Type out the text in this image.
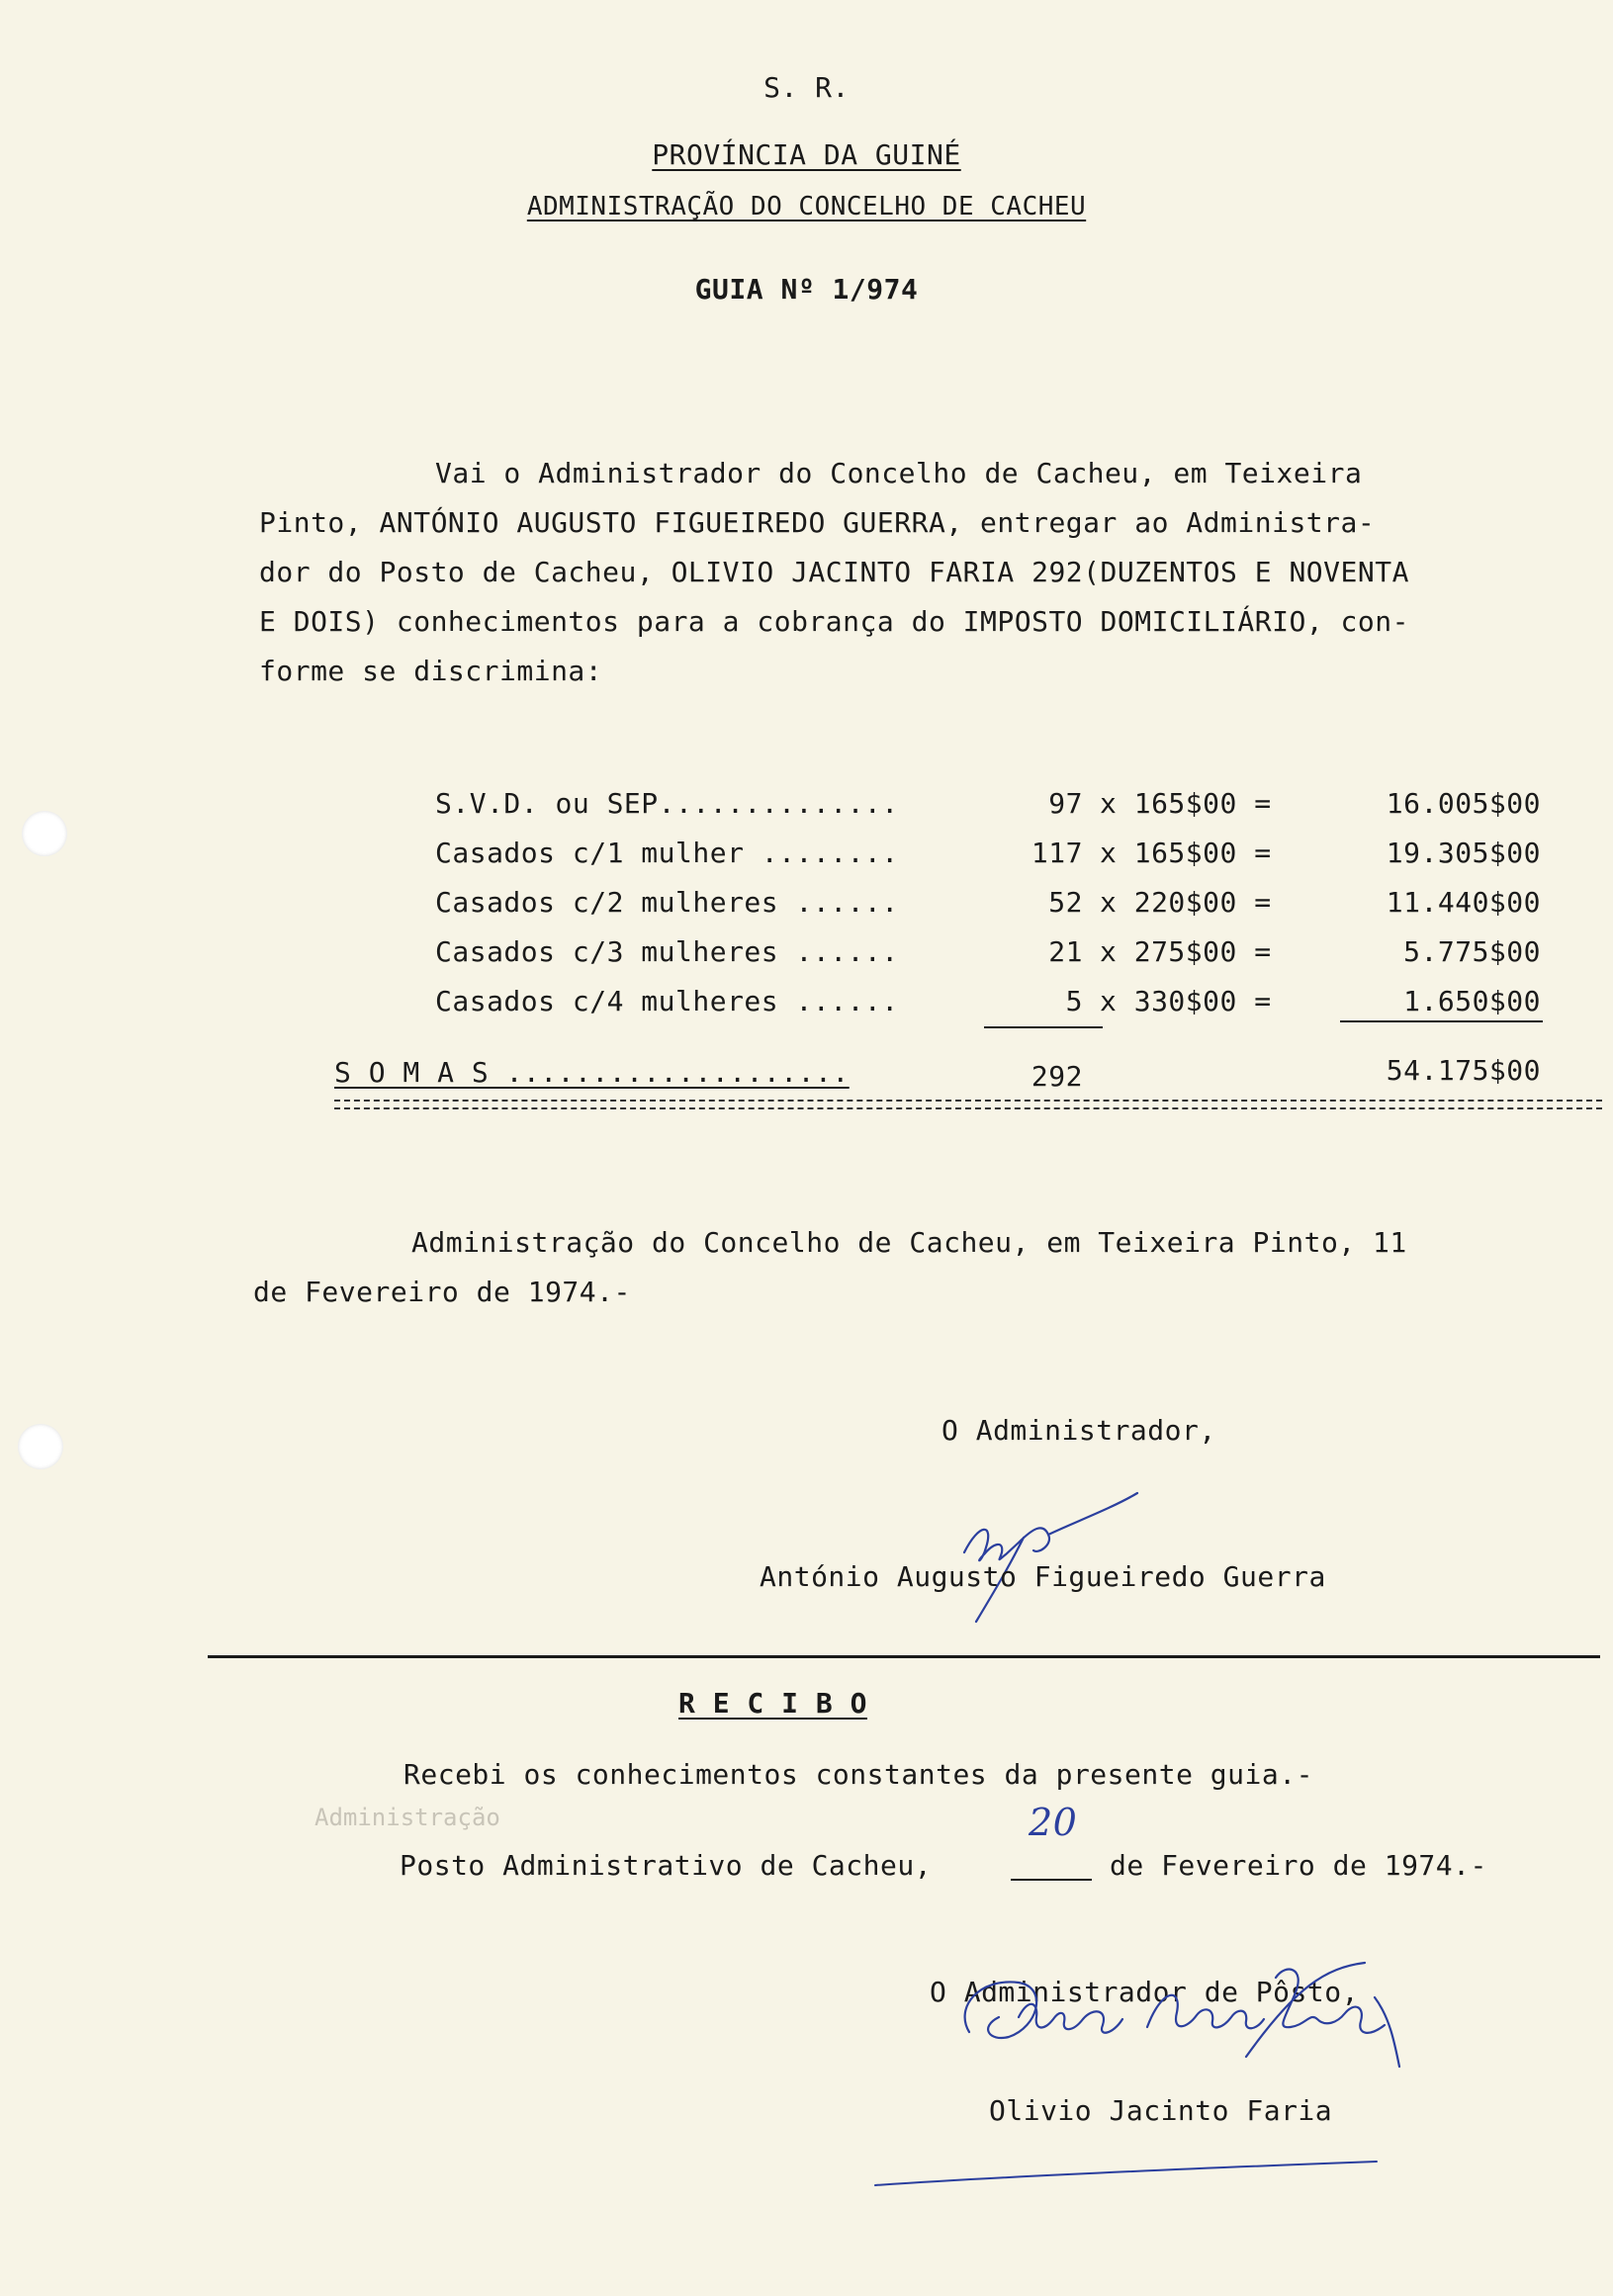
S. R.
PROVÍNCIA DA GUINÉ
ADMINISTRAÇÃO DO CONCELHO DE CACHEU
GUIA Nº 1/974
Vai o Administrador do Concelho de Cacheu, em Teixeira
Pinto, ANTÓNIO AUGUSTO FIGUEIREDO GUERRA, entregar ao Administra-
dor do Posto de Cacheu, OLIVIO JACINTO FARIA 292(DUZENTOS E NOVENTA
E DOIS) conhecimentos para a cobrança do IMPOSTO DOMICILIÁRIO, con-
forme se discrimina:
S.V.D. ou SEP..............	97 x 165$00 =	16.005$00
Casados c/1 mulher ........	117 x 165$00 =	19.305$00
Casados c/2 mulheres ......	52 x 220$00 =	11.440$00
Casados c/3 mulheres ......	21 x 275$00 =	5.775$00
Casados c/4 mulheres ......	5 x 330$00 =	1.650$00
S O M A S ....................	292	54.175$00
Administração do Concelho de Cacheu, em Teixeira Pinto, 11
de Fevereiro de 1974.-
O Administrador,
António Augusto Figueiredo Guerra
R E C I B O
Recebi os conhecimentos constantes da presente guia.-
Administração
Posto Administrativo de Cacheu,
20
de Fevereiro de 1974.-
O Administrador de Pôsto,
Olivio Jacinto Faria
